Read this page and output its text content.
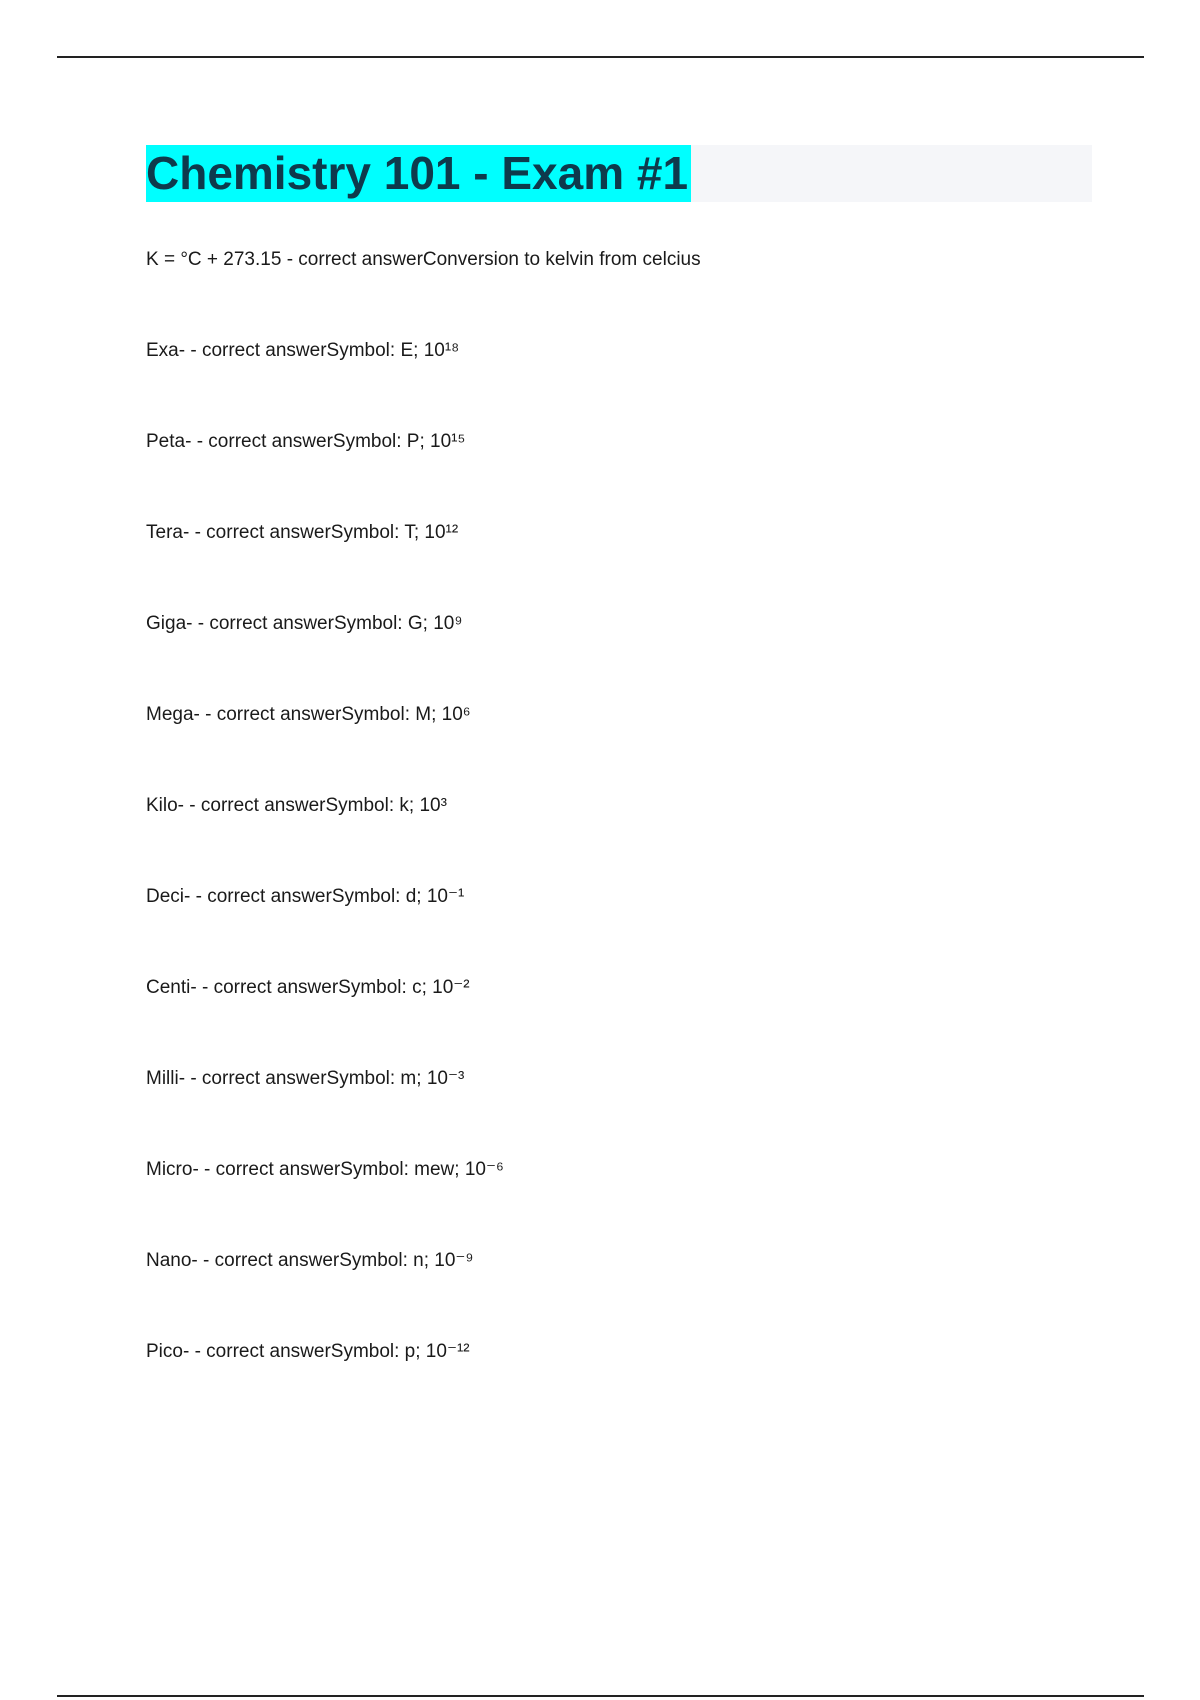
Chemistry 101 - Exam #1
K = °C + 273.15 - correct answerConversion to kelvin from celcius
Exa- - correct answerSymbol: E; 10¹⁸
Peta- - correct answerSymbol: P; 10¹⁵
Tera- - correct answerSymbol: T; 10¹²
Giga- - correct answerSymbol: G; 10⁹
Mega- - correct answerSymbol: M; 10⁶
Kilo- - correct answerSymbol: k; 10³
Deci- - correct answerSymbol: d; 10⁻¹
Centi- - correct answerSymbol: c; 10⁻²
Milli- - correct answerSymbol: m; 10⁻³
Micro- - correct answerSymbol: mew; 10⁻⁶
Nano- - correct answerSymbol: n; 10⁻⁹
Pico- - correct answerSymbol: p; 10⁻¹²
